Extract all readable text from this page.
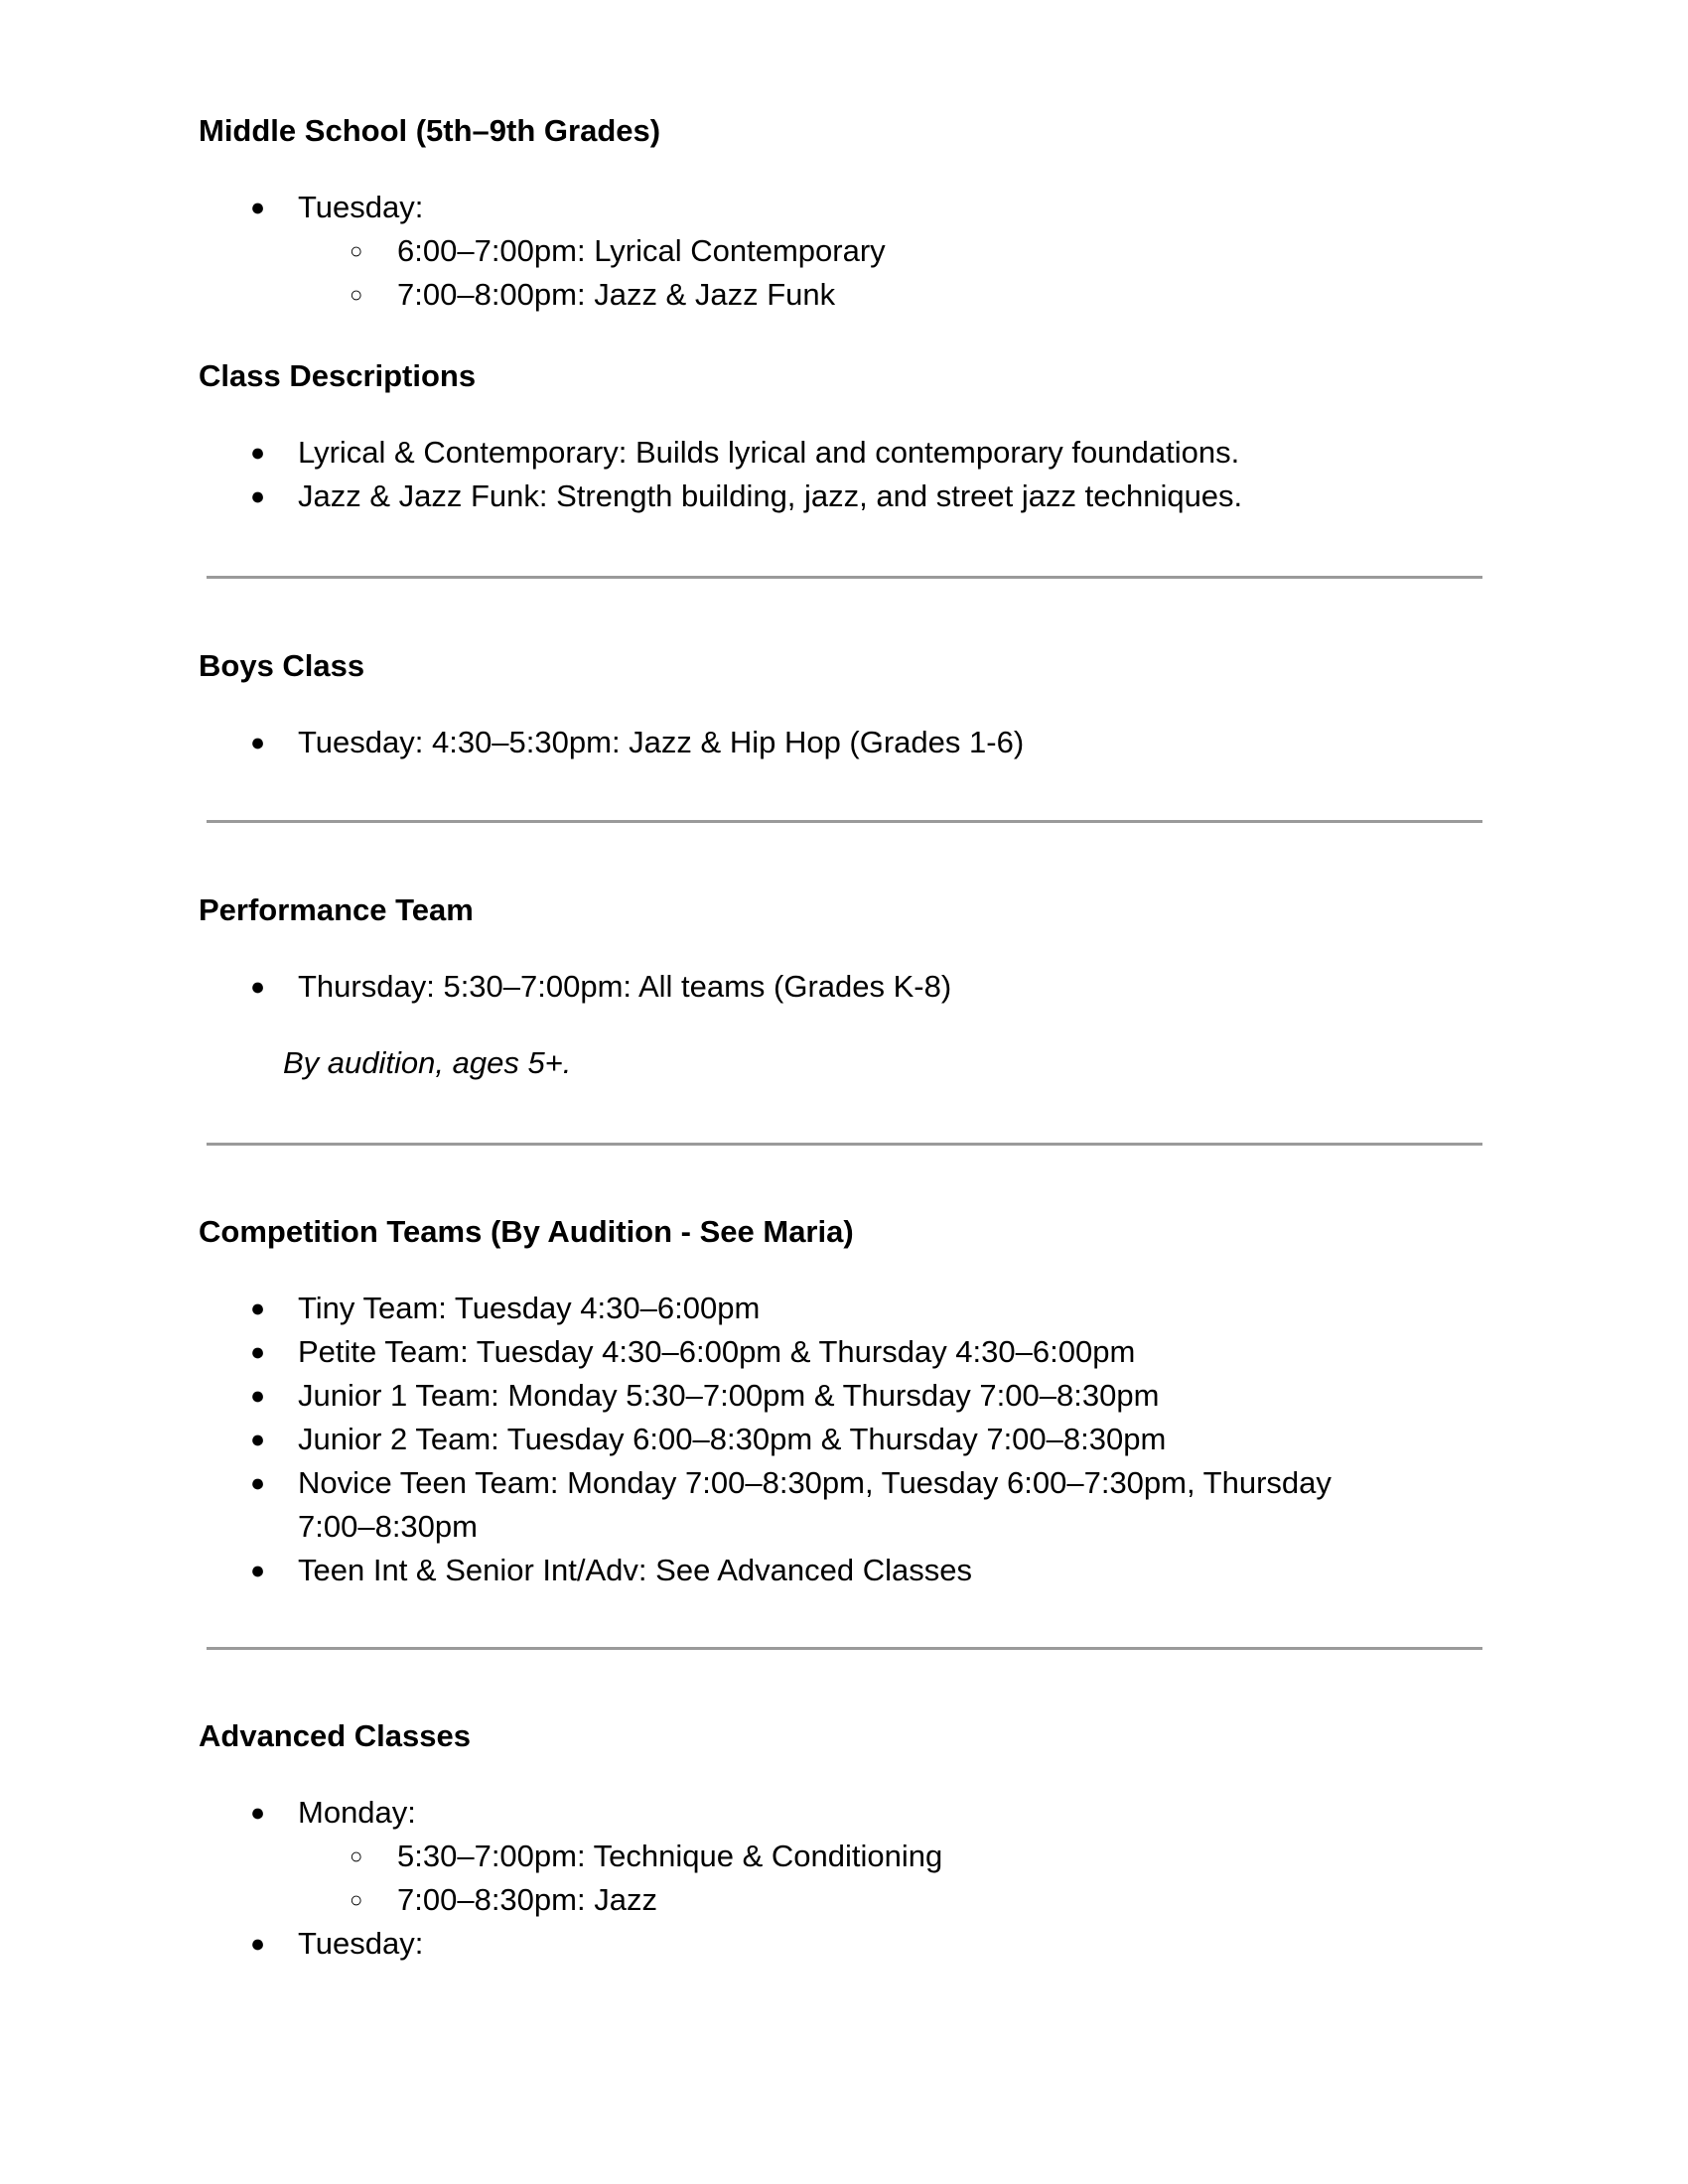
Middle School (5th–9th Grades)
● Tuesday:
○ 6:00–7:00pm: Lyrical Contemporary
○ 7:00–8:00pm: Jazz & Jazz Funk
Class Descriptions
● Lyrical & Contemporary: Builds lyrical and contemporary foundations.
● Jazz & Jazz Funk: Strength building, jazz, and street jazz techniques.
Boys Class
● Tuesday: 4:30–5:30pm: Jazz & Hip Hop (Grades 1-6)
Performance Team
● Thursday: 5:30–7:00pm: All teams (Grades K-8)
By audition, ages 5+.
Competition Teams (By Audition - See Maria)
● Tiny Team: Tuesday 4:30–6:00pm
● Petite Team: Tuesday 4:30–6:00pm & Thursday 4:30–6:00pm
● Junior 1 Team: Monday 5:30–7:00pm & Thursday 7:00–8:30pm
● Junior 2 Team: Tuesday 6:00–8:30pm & Thursday 7:00–8:30pm
● Novice Teen Team: Monday 7:00–8:30pm, Tuesday 6:00–7:30pm, Thursday 7:00–8:30pm
● Teen Int & Senior Int/Adv: See Advanced Classes
Advanced Classes
● Monday:
○ 5:30–7:00pm: Technique & Conditioning
○ 7:00–8:30pm: Jazz
● Tuesday:
